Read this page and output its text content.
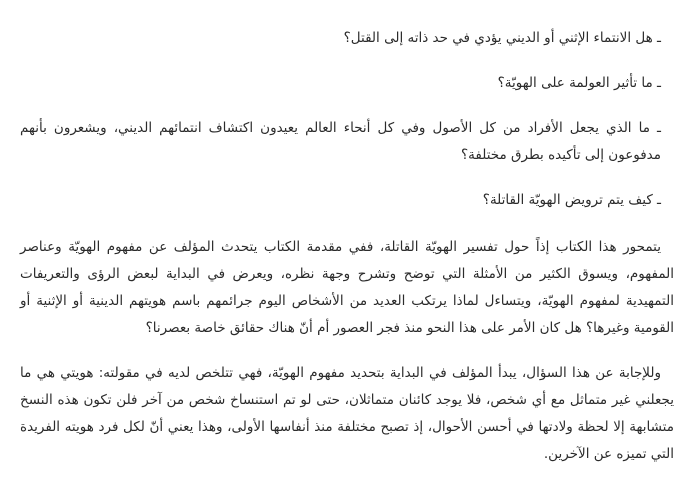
ـ هل الانتماء الإثني أو الديني يؤدي في حد ذاته إلى القتل؟

ـ ما تأثير العولمة على الهويّة؟

ـ ما الذي يجعل الأفراد من كل الأصول وفي كل أنحاء العالم يعيدون اكتشاف انتمائهم الديني، ويشعرون بأنهم مدفوعون إلى تأكيده بطرق مختلفة؟

ـ كيف يتم ترويض الهويّة القاتلة؟

يتمحور هذا الكتاب إذاً حول تفسير الهويّة القاتلة، ففي مقدمة الكتاب يتحدث المؤلف عن مفهوم الهويّة وعناصر المفهوم، ويسوق الكثير من الأمثلة التي توضح وتشرح وجهة نظره، ويعرض في البداية لبعض الرؤى والتعريفات التمهيدية لمفهوم الهويّة، ويتساءل لماذا يرتكب العديد من الأشخاص اليوم جرائمهم باسم هويتهم الدينية أو الإثنية أو القومية وغيرها؟ هل كان الأمر على هذا النحو منذ فجر العصور أم أنّ هناك حقائق خاصة بعصرنا؟

وللإجابة عن هذا السؤال، يبدأ المؤلف في البداية بتحديد مفهوم الهويّة، فهي تتلخص لديه في مقولته: هويتي هي ما يجعلني غير متماثل مع أي شخص، فلا يوجد كائنان متماثلان، حتى لو تم استنساخ شخص من آخر فلن تكون هذه النسخ متشابهة إلا لحظة ولادتها في أحسن الأحوال، إذ تصبح مختلفة منذ أنفاسها الأولى، وهذا يعني أنّ لكل فرد هويته الفريدة التي تميزه عن الآخرين.
